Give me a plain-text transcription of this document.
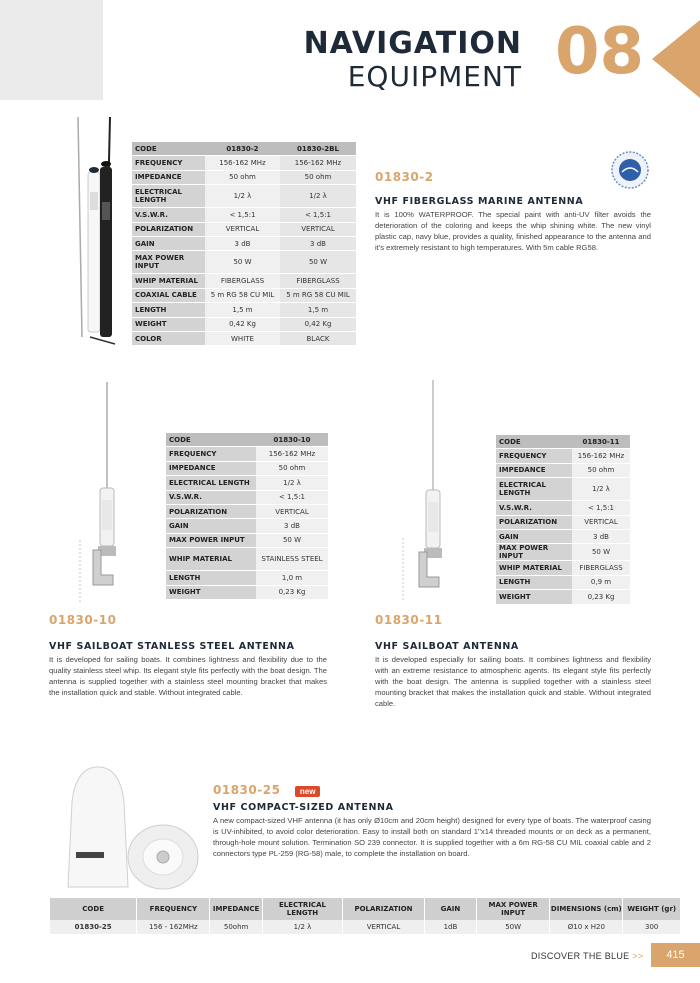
NAVIGATION
EQUIPMENT 08
CODE	01830-2	01830-2BL
FREQUENCY	156-162 MHz	156-162 MHz
IMPEDANCE	50 ohm	50 ohm
ELECTRICAL LENGTH	1/2 λ	1/2 λ
V.S.W.R.	< 1,5:1	< 1,5:1
POLARIZATION	VERTICAL	VERTICAL
GAIN	3 dB	3 dB
MAX POWER INPUT	50 W	50 W
WHIP MATERIAL	FIBERGLASS	FIBERGLASS
COAXIAL CABLE	5 m RG 58 CU MIL	5 m RG 58 CU MIL
LENGTH	1,5 m	1,5 m
WEIGHT	0,42 Kg	0,42 Kg
COLOR	WHITE	BLACK
01830-2
VHF FIBERGLASS MARINE ANTENNA
It is 100% WATERPROOF. The special paint with anti-UV filter avoids the deterioration of the coloring and keeps the whip shining white. The new vinyl plastic cap, navy blue, provides a quality, finished appearance to the antenna and it's extremely resistant to high temperatures. With 5m cable RG58.
CODE	01830-10
FREQUENCY	156-162 MHz
IMPEDANCE	50 ohm
ELECTRICAL LENGTH	1/2 λ
V.S.W.R.	< 1,5:1
POLARIZATION	VERTICAL
GAIN	3 dB
MAX POWER INPUT	50 W
WHIP MATERIAL	STAINLESS STEEL
LENGTH	1,0 m
WEIGHT	0,23 Kg
01830-10
VHF SAILBOAT STANLESS STEEL ANTENNA
It is developed for sailing boats. It combines lightness and flexibility due to the quality stainless steel whip. Its elegant style fits perfectly with the boat design. The antenna is supplied together with a stainless steel mounting bracket that makes the installation quick and stable. Without integrated cable.
CODE	01830-11
FREQUENCY	156-162 MHz
IMPEDANCE	50 ohm
ELECTRICAL LENGTH	1/2 λ
V.S.W.R.	< 1,5:1
POLARIZATION	VERTICAL
GAIN	3 dB
MAX POWER INPUT	50 W
WHIP MATERIAL	FIBERGLASS
LENGTH	0,9 m
WEIGHT	0,23 Kg
01830-11
VHF SAILBOAT ANTENNA
It is developed especially for sailing boats. It combines lightness and flexibility with an extreme resistance to atmospheric agents. Its elegant style fits perfectly with the boat design. The antenna is supplied together with a stainless steel mounting bracket that makes the installation quick and stable. Without integrated cable.
01830-25 new
VHF COMPACT-SIZED ANTENNA
A new compact-sized VHF antenna (it has only Ø10cm and 20cm height) designed for every type of boats. The waterproof casing is UV-inhibited, to avoid color deterioration. Easy to install both on standard 1''x14 threaded mounts or on deck as a permanent, through-hole mount solution. Termination SO 239 connector. It is supplied together with a 6m RG-58 CU MIL coaxial cable and 2 connectors type PL-259 (RG-58) male, to complete the installation on board.
CODE	FREQUENCY	IMPEDANCE	ELECTRICAL LENGTH	POLARIZATION	GAIN	MAX POWER INPUT	DIMENSIONS (cm)	WEIGHT (gr)
01830-25	156 - 162MHz	50ohm	1/2 λ	VERTICAL	1dB	50W	Ø10 x H20	300
DISCOVER THE BLUE >>	415
